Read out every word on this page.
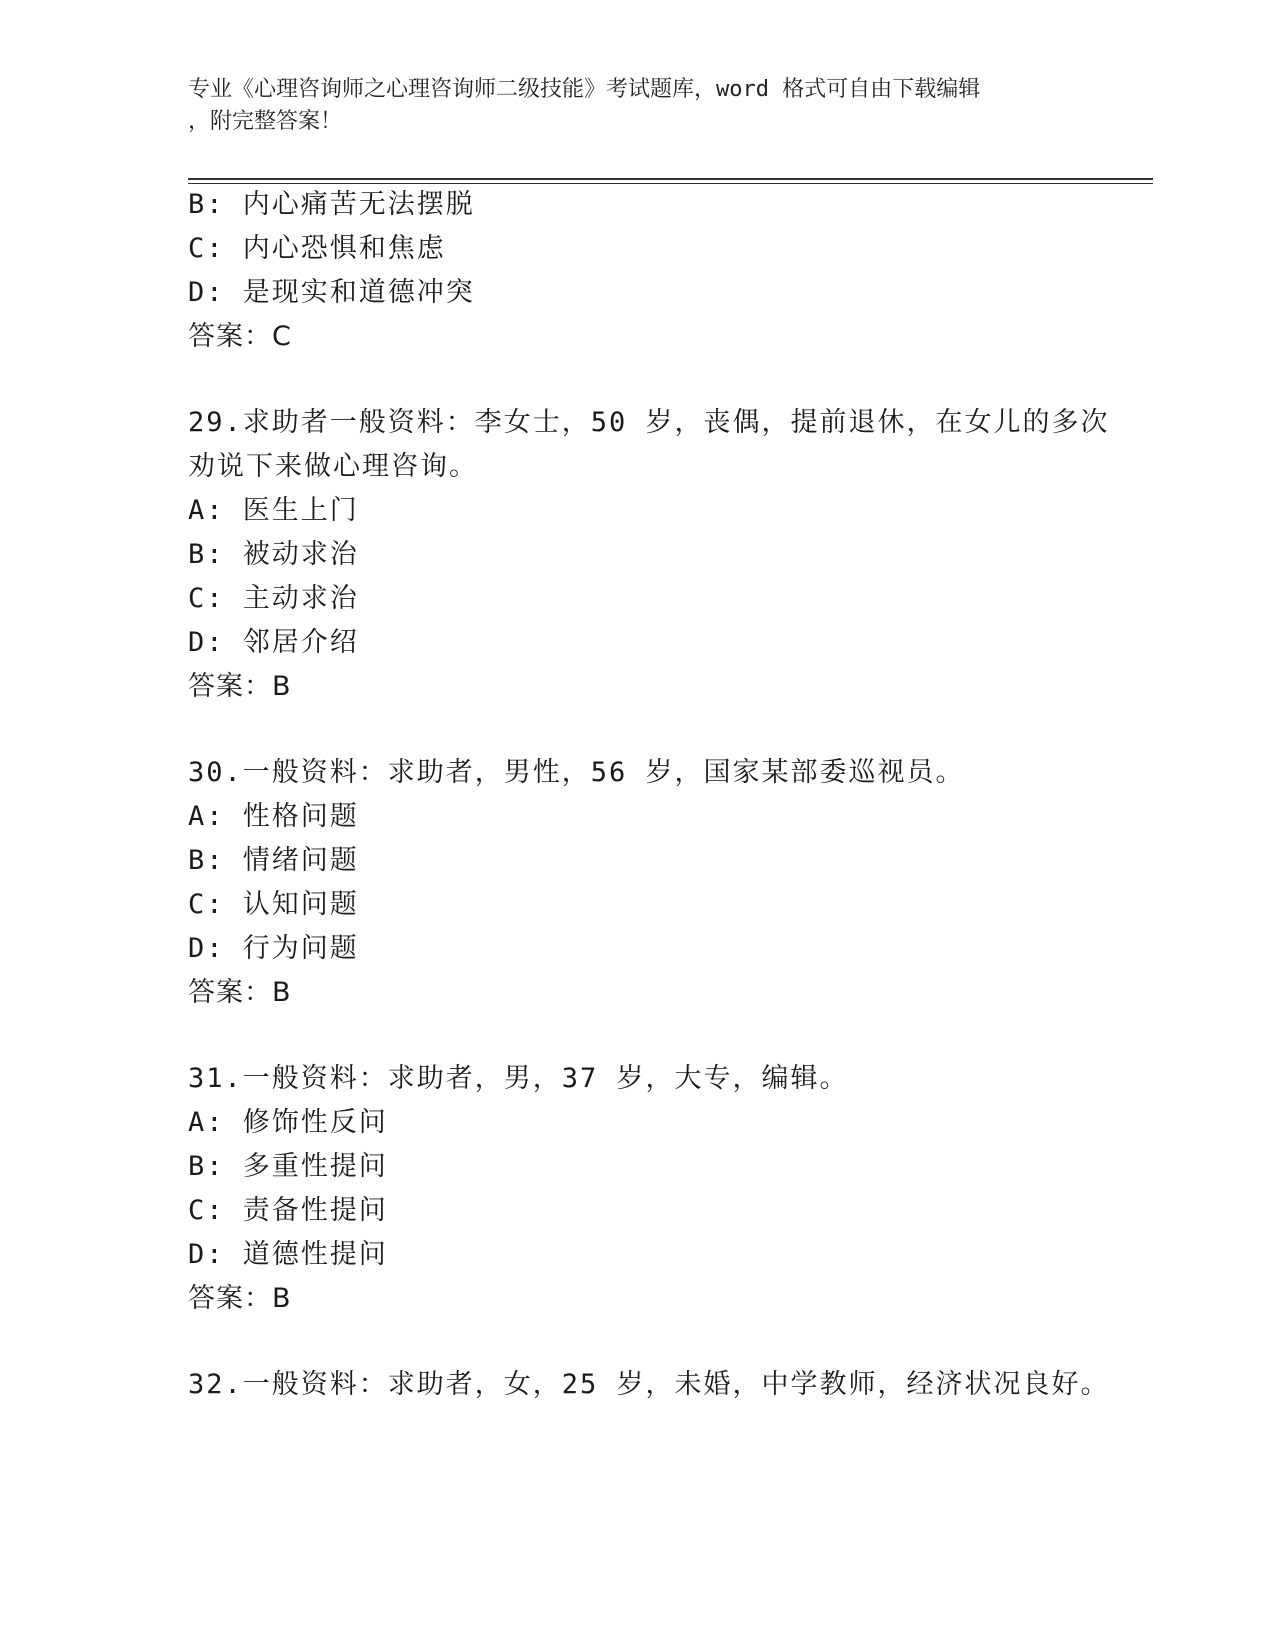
专业《心理咨询师之心理咨询师二级技能》考试题库，word 格式可自由下载编辑
，附完整答案！
B: 内心痛苦无法摆脱
C: 内心恐惧和焦虑
D: 是现实和道德冲突
答案：C
29.求助者一般资料：李女士，50 岁，丧偶，提前退休，在女儿的多次
劝说下来做心理咨询。
A: 医生上门
B: 被动求治
C: 主动求治
D: 邻居介绍
答案：B
30.一般资料：求助者，男性，56 岁，国家某部委巡视员。
A: 性格问题
B: 情绪问题
C: 认知问题
D: 行为问题
答案：B
31.一般资料：求助者，男，37 岁，大专，编辑。
A: 修饰性反问
B: 多重性提问
C: 责备性提问
D: 道德性提问
答案：B
32.一般资料：求助者，女，25 岁，未婚，中学教师，经济状况良好。
